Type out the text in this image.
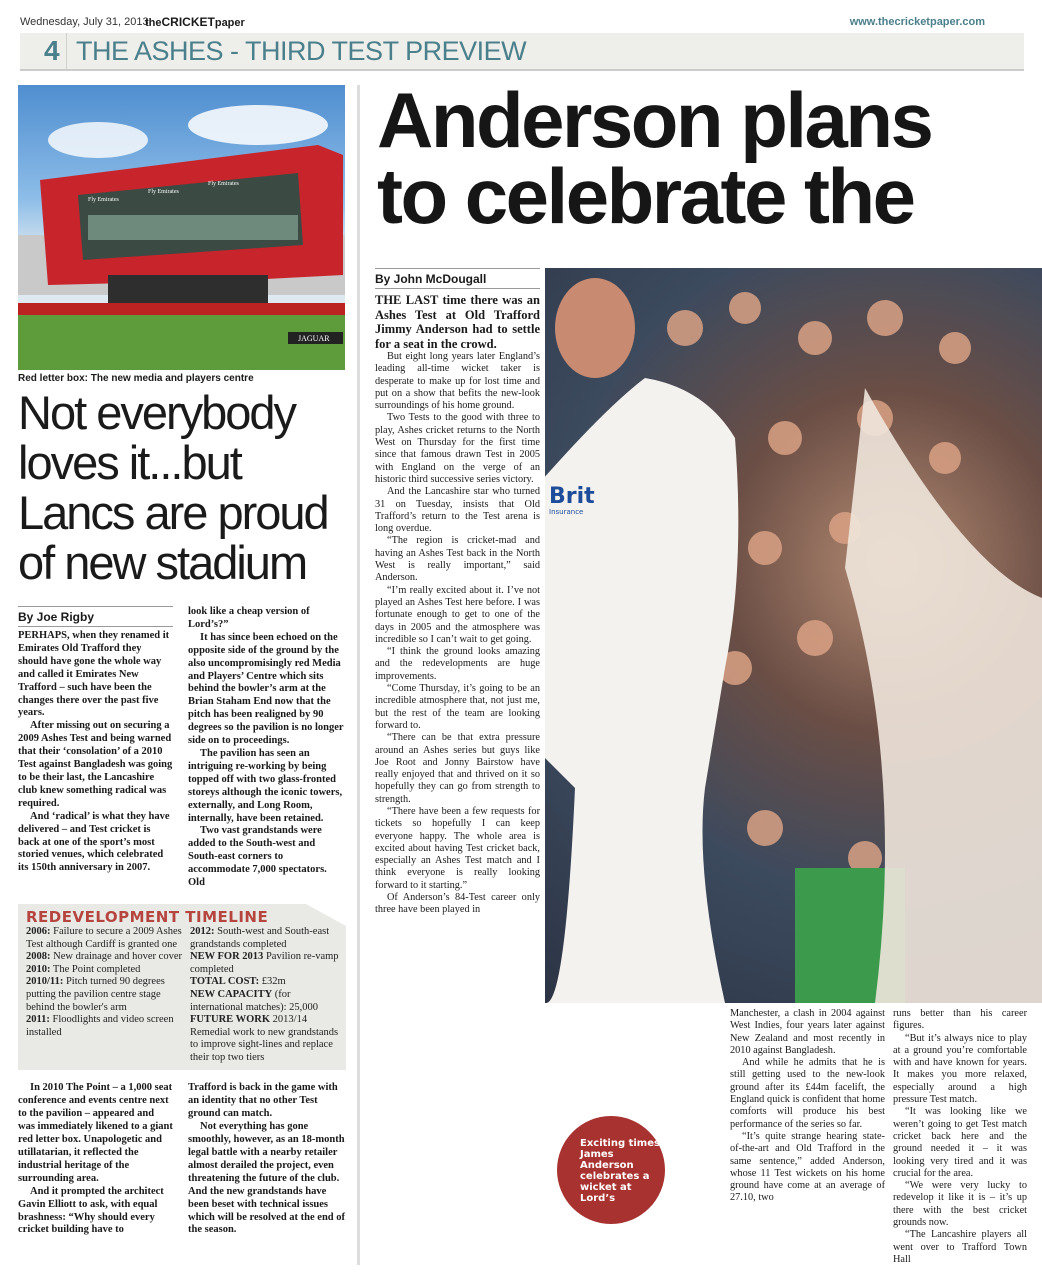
Wednesday, July 31, 2013
theCRICKETpaper	www.thecricketpaper.com
4 THE ASHES - THIRD TEST PREVIEW
Fly Emirates
Fly Emirates
Fly Emirates
JAGUAR
Red letter box: The new media and players centre
Not everybody loves it...but Lancs are proud of new stadium
By Joe Rigby

PERHAPS, when they renamed it Emirates Old Trafford they should have gone the whole way and called it Emirates New Trafford – such have been the changes there over the past five years.

After missing out on securing a 2009 Ashes Test and being warned that their ‘consolation’ of a 2010 Test against Bangladesh was going to be their last, the Lancashire club knew something radical was required.

And ‘radical’ is what they have delivered – and Test cricket is back at one of the sport’s most storied venues, which celebrated its 150th anniversary in 2007.

look like a cheap version of Lord’s?”

It has since been echoed on the opposite side of the ground by the also uncompromisingly red Media and Players’ Centre which sits behind the bowler’s arm at the Brian Staham End now that the pitch has been realigned by 90 degrees so the pavilion is no longer side on to proceedings.

The pavilion has seen an intriguing re-working by being topped off with two glass-fronted storeys although the iconic towers, externally, and Long Room, internally, have been retained.

Two vast grandstands were added to the South-west and South-east corners to accommodate 7,000 spectators. Old

REDEVELOPMENT TIMELINE
2006: Failure to secure a 2009 Ashes Test although Cardiff is granted one
2008: New drainage and hover cover
2010: The Point completed
2010/11: Pitch turned 90 degrees putting the pavilion centre stage behind the bowler's arm
2011: Floodlights and video screen installed
2012: South-west and South-east grandstands completed
NEW FOR 2013 Pavilion re-vamp completed
TOTAL COST: £32m
NEW CAPACITY (for international matches): 25,000
FUTURE WORK 2013/14 Remedial work to new grandstands to improve sight-lines and replace their top two tiers

In 2010 The Point – a 1,000 seat conference and events centre next to the pavilion – appeared and was immediately likened to a giant red letter box. Unapologetic and utillatarian, it reflected the industrial heritage of the surrounding area.

And it prompted the architect Gavin Elliott to ask, with equal brashness: “Why should every cricket building have to

Trafford is back in the game with an identity that no other Test ground can match.

Not everything has gone smoothly, however, as an 18-month legal battle with a nearby retailer almost derailed the project, even threatening the future of the club. And the new grandstands have been beset with technical issues which will be resolved at the end of the season.

Anderson plans to celebrate the
Brit
Insurance
By John McDougall
THE LAST time there was an Ashes Test at Old Trafford Jimmy Anderson had to settle for a seat in the crowd.

But eight long years later England’s leading all-time wicket taker is desperate to make up for lost time and put on a show that befits the new-look surroundings of his home ground.

Two Tests to the good with three to play, Ashes cricket returns to the North West on Thursday for the first time since that famous drawn Test in 2005 with England on the verge of an historic third successive series victory.

And the Lancashire star who turned 31 on Tuesday, insists that Old Trafford’s return to the Test arena is long overdue.

“The region is cricket-mad and having an Ashes Test back in the North West is really important,” said Anderson.

“I’m really excited about it. I’ve not played an Ashes Test here before. I was fortunate enough to get to one of the days in 2005 and the atmosphere was incredible so I can’t wait to get going.

“I think the ground looks amazing and the redevelopments are huge improvements.

“Come Thursday, it’s going to be an incredible atmosphere that, not just me, but the rest of the team are looking forward to.

“There can be that extra pressure around an Ashes series but guys like Joe Root and Jonny Bairstow have really enjoyed that and thrived on it so hopefully they can go from strength to strength.

“There have been a few requests for tickets so hopefully I can keep everyone happy. The whole area is excited about having Test cricket back, especially an Ashes Test match and I think everyone is really looking forward to it starting.”

Of Anderson’s 84-Test career only three have been played in

Manchester, a clash in 2004 against West Indies, four years later against New Zealand and most recently in 2010 against Bangladesh.

And while he admits that he is still getting used to the new-look ground after its £44m facelift, the England quick is confident that home comforts will produce his best performance of the series so far.

“It’s quite strange hearing state-of-the-art and Old Trafford in the same sentence,” added Anderson, whose 11 Test wickets on his home ground have come at an average of 27.10, two

runs better than his career figures.

“But it’s always nice to play at a ground you’re comfortable with and have known for years. It makes you more relaxed, especially around a high pressure Test match.

“It was looking like we weren’t going to get Test match cricket back here and the ground needed it – it was looking very tired and it was crucial for the area.

“We were very lucky to redevelop it like it is – it’s up there with the best cricket grounds now.

“The Lancashire players all went over to Trafford Town Hall

Exciting times: James Anderson celebrates a wicket at Lord’s
